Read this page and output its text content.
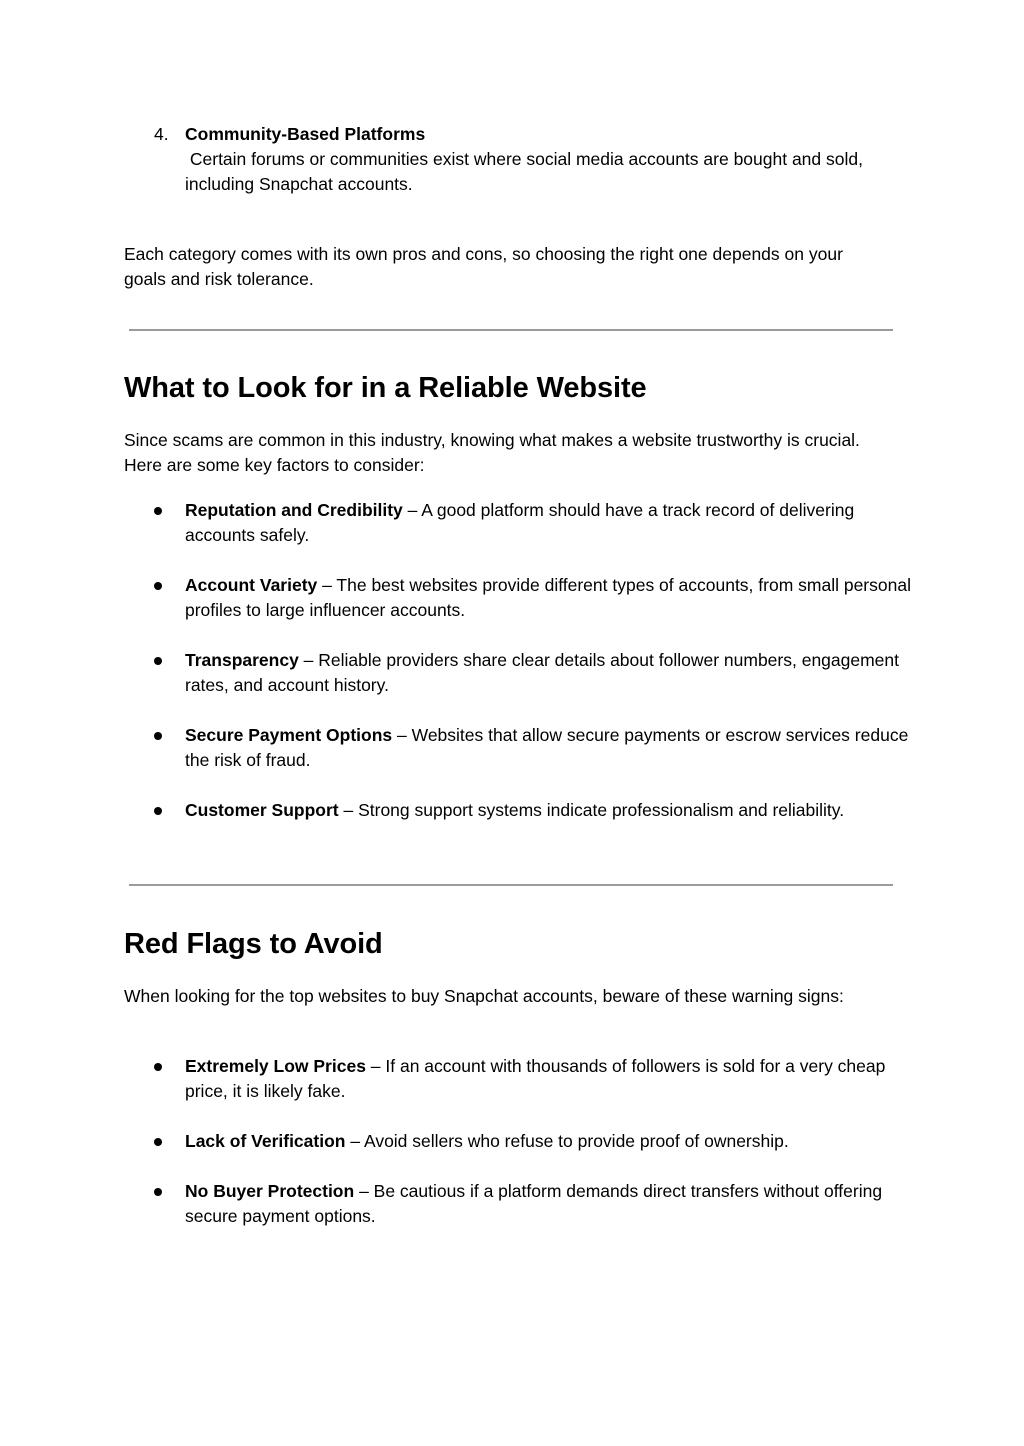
4. Community-Based Platforms
Certain forums or communities exist where social media accounts are bought and sold, including Snapchat accounts.

Each category comes with its own pros and cons, so choosing the right one depends on your goals and risk tolerance.

What to Look for in a Reliable Website

Since scams are common in this industry, knowing what makes a website trustworthy is crucial. Here are some key factors to consider:

Reputation and Credibility – A good platform should have a track record of delivering accounts safely.
Account Variety – The best websites provide different types of accounts, from small personal profiles to large influencer accounts.
Transparency – Reliable providers share clear details about follower numbers, engagement rates, and account history.
Secure Payment Options – Websites that allow secure payments or escrow services reduce the risk of fraud.
Customer Support – Strong support systems indicate professionalism and reliability.
Red Flags to Avoid

When looking for the top websites to buy Snapchat accounts, beware of these warning signs:

Extremely Low Prices – If an account with thousands of followers is sold for a very cheap price, it is likely fake.
Lack of Verification – Avoid sellers who refuse to provide proof of ownership.
No Buyer Protection – Be cautious if a platform demands direct transfers without offering secure payment options.
